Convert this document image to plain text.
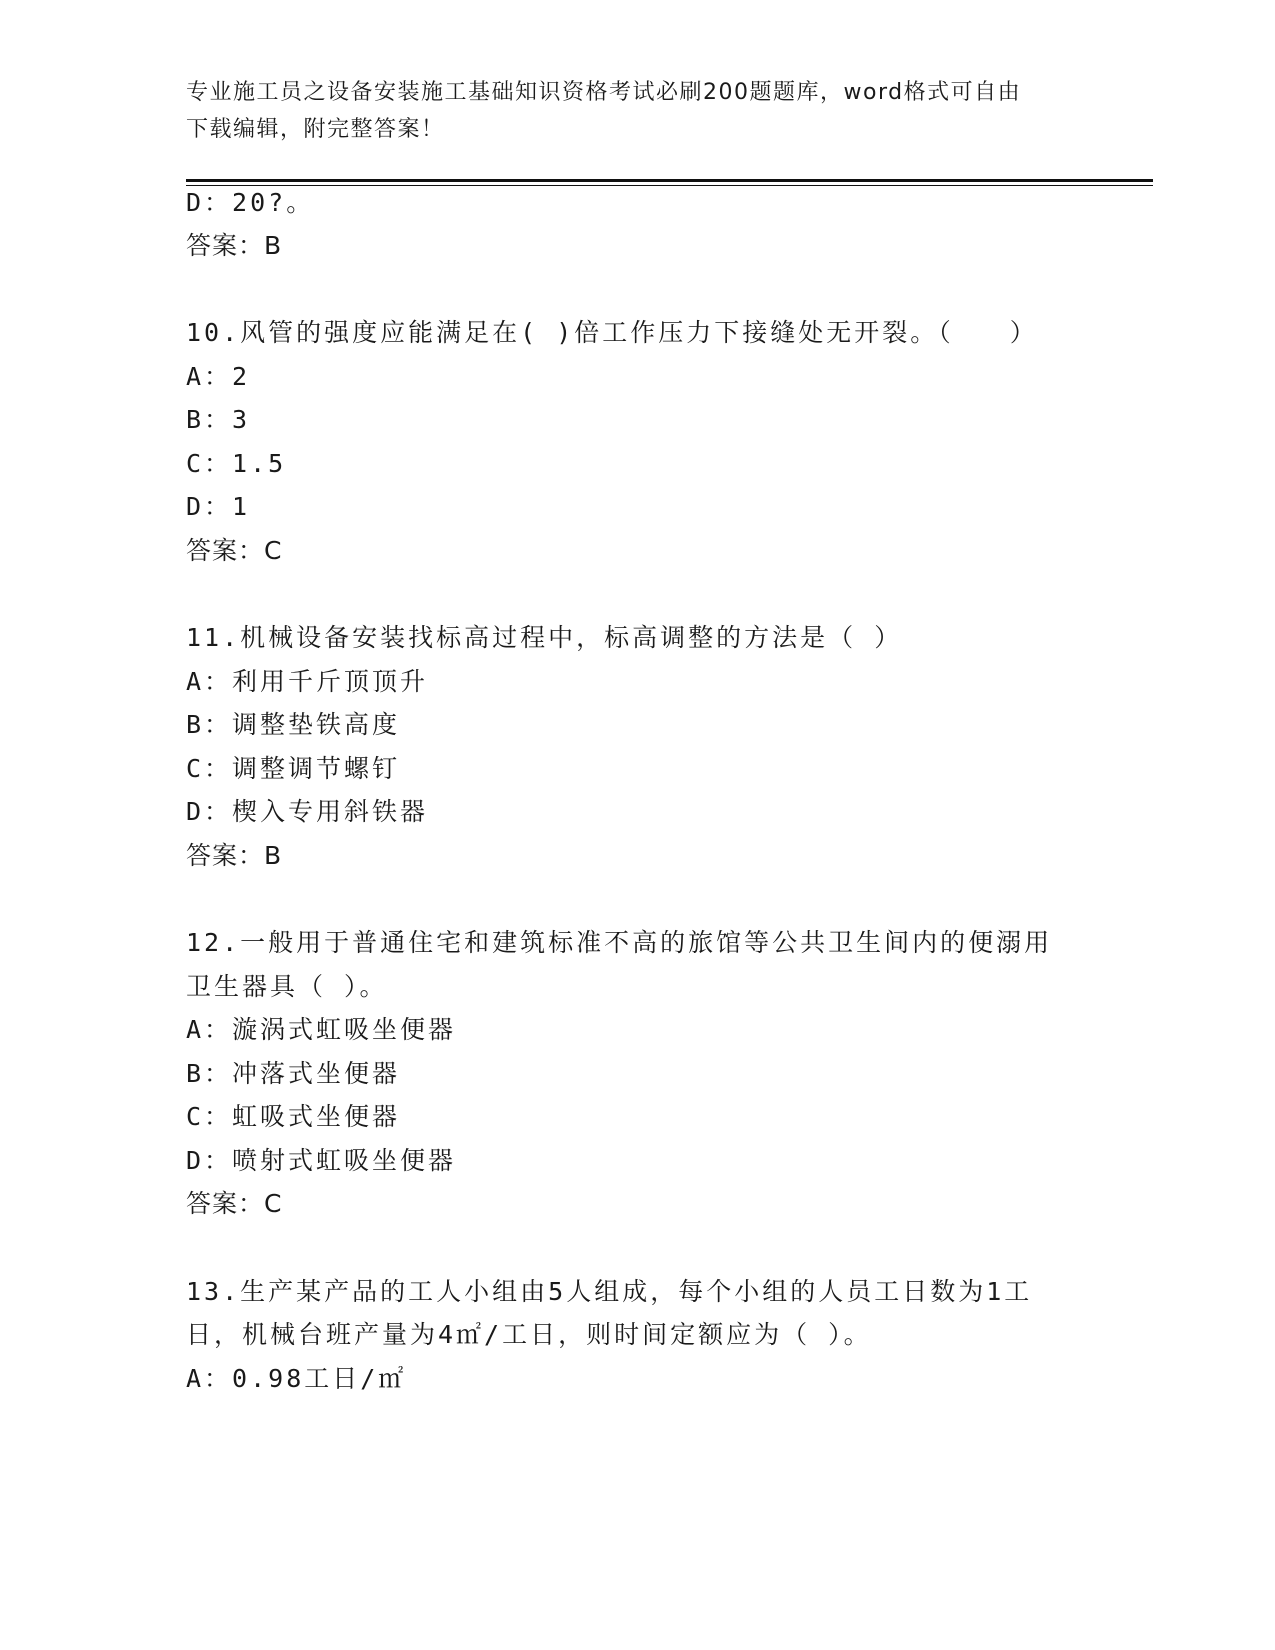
专业施工员之设备安装施工基础知识资格考试必刷200题题库，word格式可自由
下载编辑，附完整答案！
D：20?。
答案：B
10.风管的强度应能满足在( )倍工作压力下接缝处无开裂。（　　）
A：2
B：3
C：1.5
D：1
答案：C
11.机械设备安装找标高过程中，标高调整的方法是（ ）
A：利用千斤顶顶升
B：调整垫铁高度
C：调整调节螺钉
D：楔入专用斜铁器
答案：B
12.一般用于普通住宅和建筑标准不高的旅馆等公共卫生间内的便溺用
卫生器具（ ）。
A：漩涡式虹吸坐便器
B：冲落式坐便器
C：虹吸式坐便器
D：喷射式虹吸坐便器
答案：C
13.生产某产品的工人小组由5人组成，每个小组的人员工日数为1工
日，机械台班产量为4㎡/工日，则时间定额应为（ ）。
A：0.98工日/㎡
